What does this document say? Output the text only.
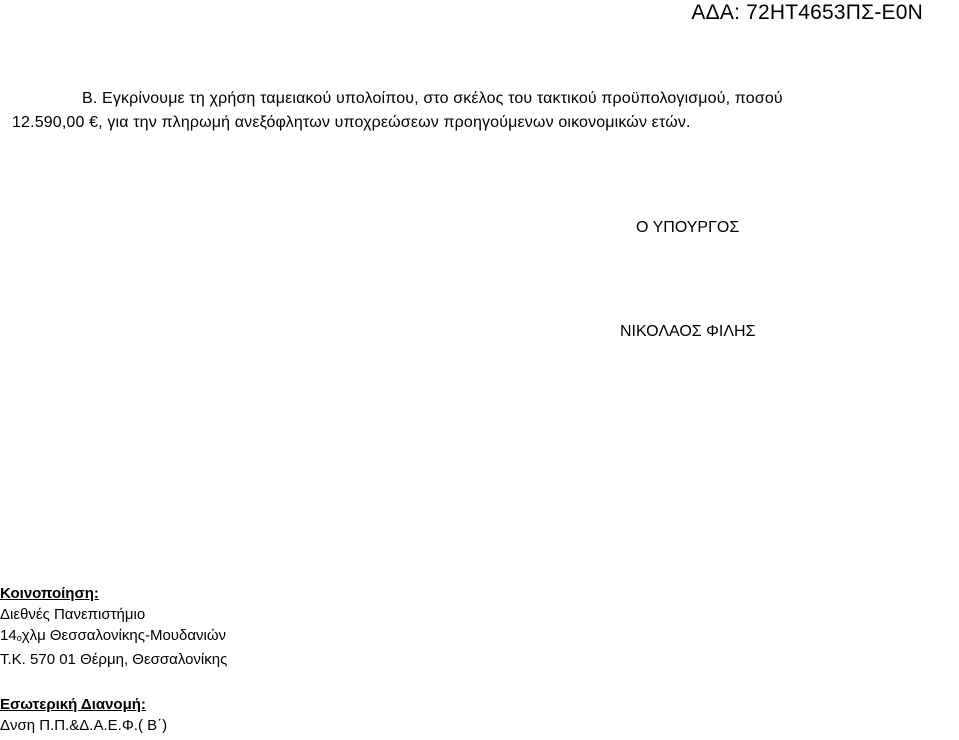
ΑΔΑ: 72ΗΤ4653ΠΣ-Ε0Ν
Β. Εγκρίνουμε τη χρήση ταμειακού υπολοίπου, στο σκέλος του τακτικού προϋπολογισμού, ποσού
12.590,00 €, για την πληρωμή ανεξόφλητων υποχρεώσεων προηγούμενων οικονομικών ετών.
Ο ΥΠΟΥΡΓΟΣ
ΝΙΚΟΛΑΟΣ ΦΙΛΗΣ
Κοινοποίηση:
Διεθνές Πανεπιστήμιο
$14_o\chi\lambda\mu$ Θεσσαλονίκης-Μουδανιών
Τ.Κ. 570 01 Θέρμη, Θεσσαλονίκης
Εσωτερική Διανομή:
Δνση Π.Π.&Δ.Α.Ε.Φ.( Β΄)
